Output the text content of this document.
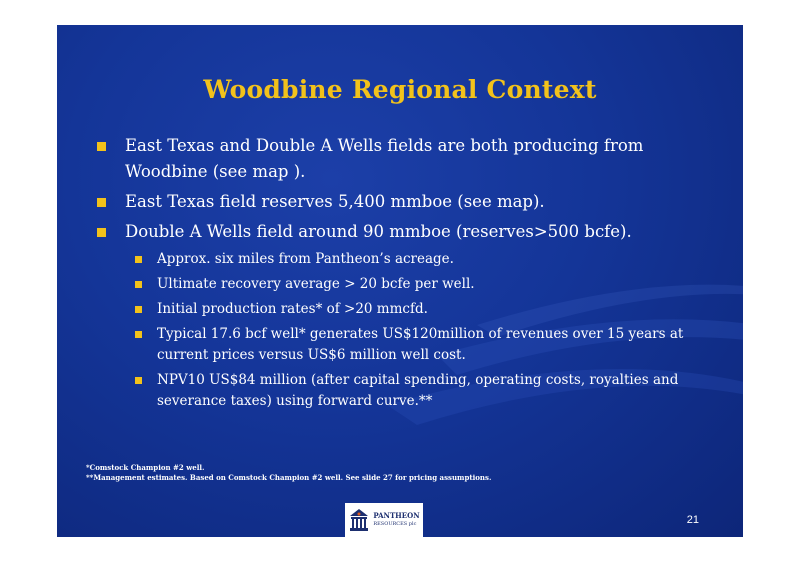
Woodbine Regional Context
East Texas and Double A Wells fields are both producing from Woodbine (see map ).
East Texas field reserves 5,400 mmboe (see map).
Double A Wells field around 90 mmboe (reserves>500 bcfe).
Approx. six miles from Pantheon’s acreage.
Ultimate recovery average > 20 bcfe per well.
Initial production rates* of >20 mmcfd.
Typical 17.6 bcf well* generates US$120million of revenues over 15 years at current prices versus US$6 million well cost.
NPV10 US$84 million (after capital spending, operating costs, royalties and severance taxes) using forward curve.**
*Comstock Champion #2 well.
**Management estimates. Based on Comstock Champion #2 well. See slide 27 for pricing assumptions.
PANTHEON
RESOURCES plc	21
